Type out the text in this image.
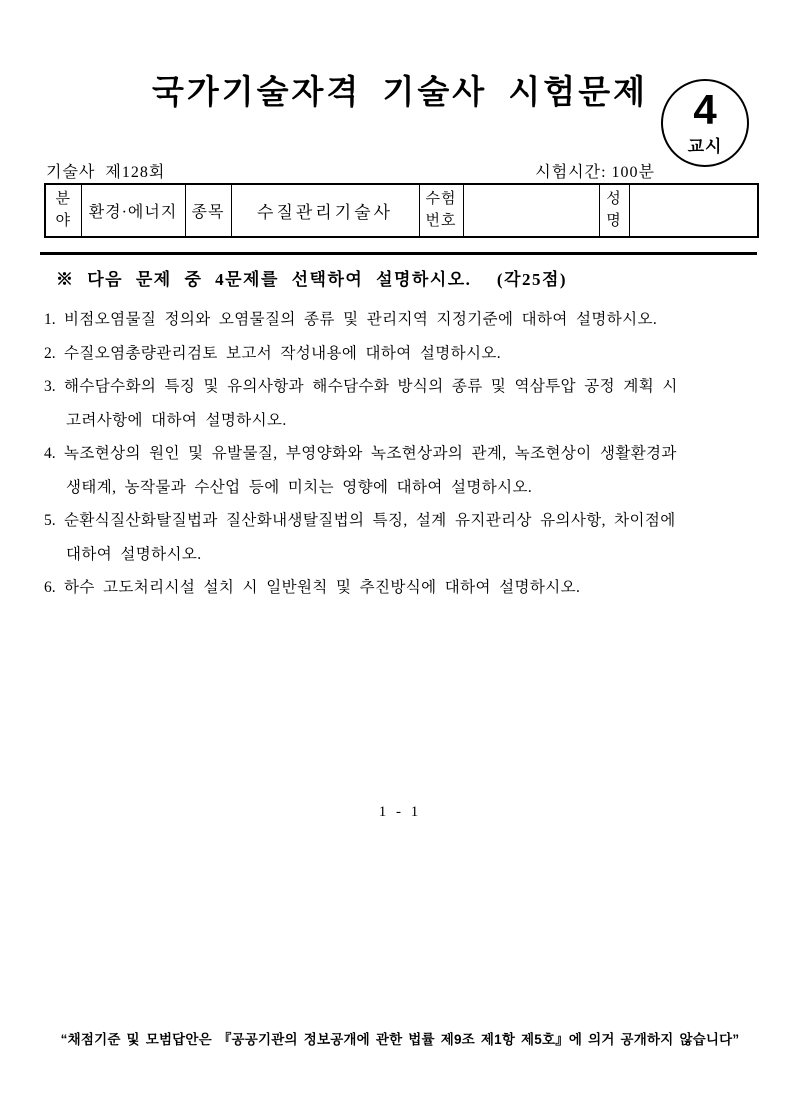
국가기술자격 기술사 시험문제	4
교시
기술사  제128회	시험시간: 100분
분야	환경·에너지	종목	수질관리기술사	수험번호		성명	
※ 다음 문제 중 4문제를 선택하여 설명하시오.  (각25점)
1. 비점오염물질 정의와 오염물질의 종류 및 관리지역 지정기준에 대하여 설명하시오.
2. 수질오염총량관리검토 보고서 작성내용에 대하여 설명하시오.
3. 해수담수화의 특징 및 유의사항과 해수담수화 방식의 종류 및 역삼투압 공정 계획 시
고려사항에 대하여 설명하시오.
4. 녹조현상의 원인 및 유발물질, 부영양화와 녹조현상과의 관계, 녹조현상이 생활환경과
생태계, 농작물과 수산업 등에 미치는 영향에 대하여 설명하시오.
5. 순환식질산화탈질법과 질산화내생탈질법의 특징, 설계 유지관리상 유의사항, 차이점에
대하여 설명하시오.
6. 하수 고도처리시설 설치 시 일반원칙 및 추진방식에 대하여 설명하시오.
1 - 1
“채점기준 및 모범답안은 『공공기관의 정보공개에 관한 법률 제9조 제1항 제5호』에 의거 공개하지 않습니다”
